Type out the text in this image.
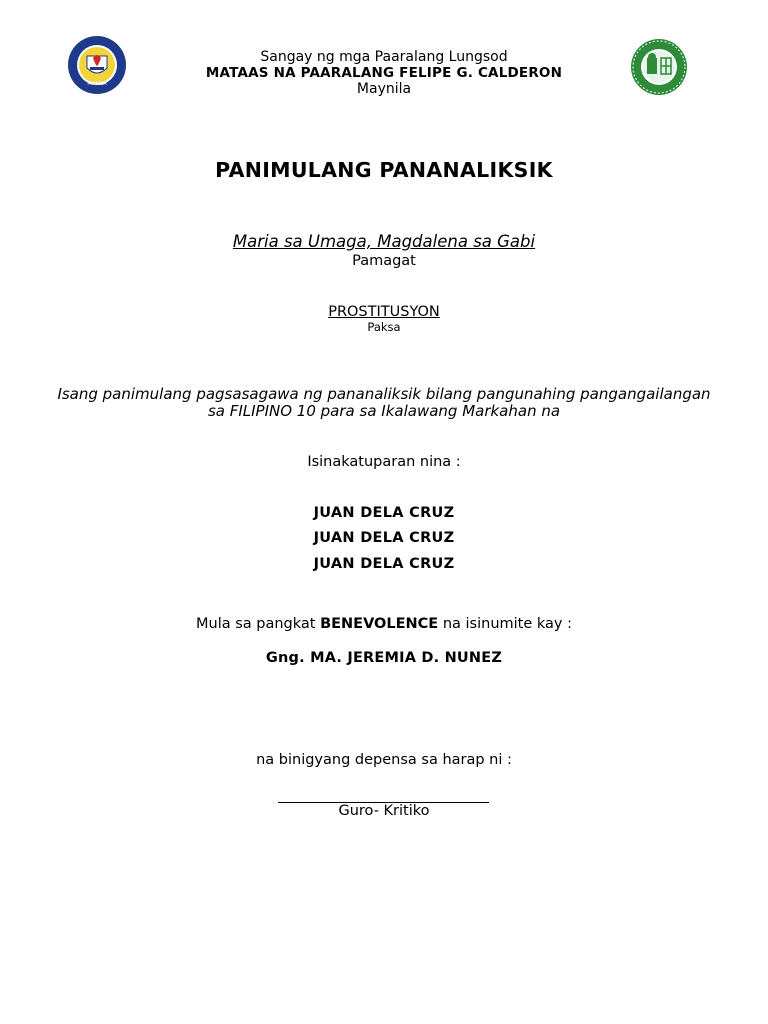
MANILA
Sangay ng mga Paaralang Lungsod
MATAAS NA PAARALANG FELIPE G. CALDERON
Maynila
PANIMULANG PANANALIKSIK
Maria sa Umaga, Magdalena sa Gabi
Pamagat
PROSTITUSYON
Paksa
Isang panimulang pagsasagawa ng pananaliksik bilang pangunahing pangangailangan
sa FILIPINO 10 para sa Ikalawang Markahan na
Isinakatuparan nina :
JUAN DELA CRUZ
JUAN DELA CRUZ
JUAN DELA CRUZ
Mula sa pangkat BENEVOLENCE na isinumite kay :
Gng. MA. JEREMIA D. NUNEZ
na binigyang depensa sa harap ni :
Guro- Kritiko
